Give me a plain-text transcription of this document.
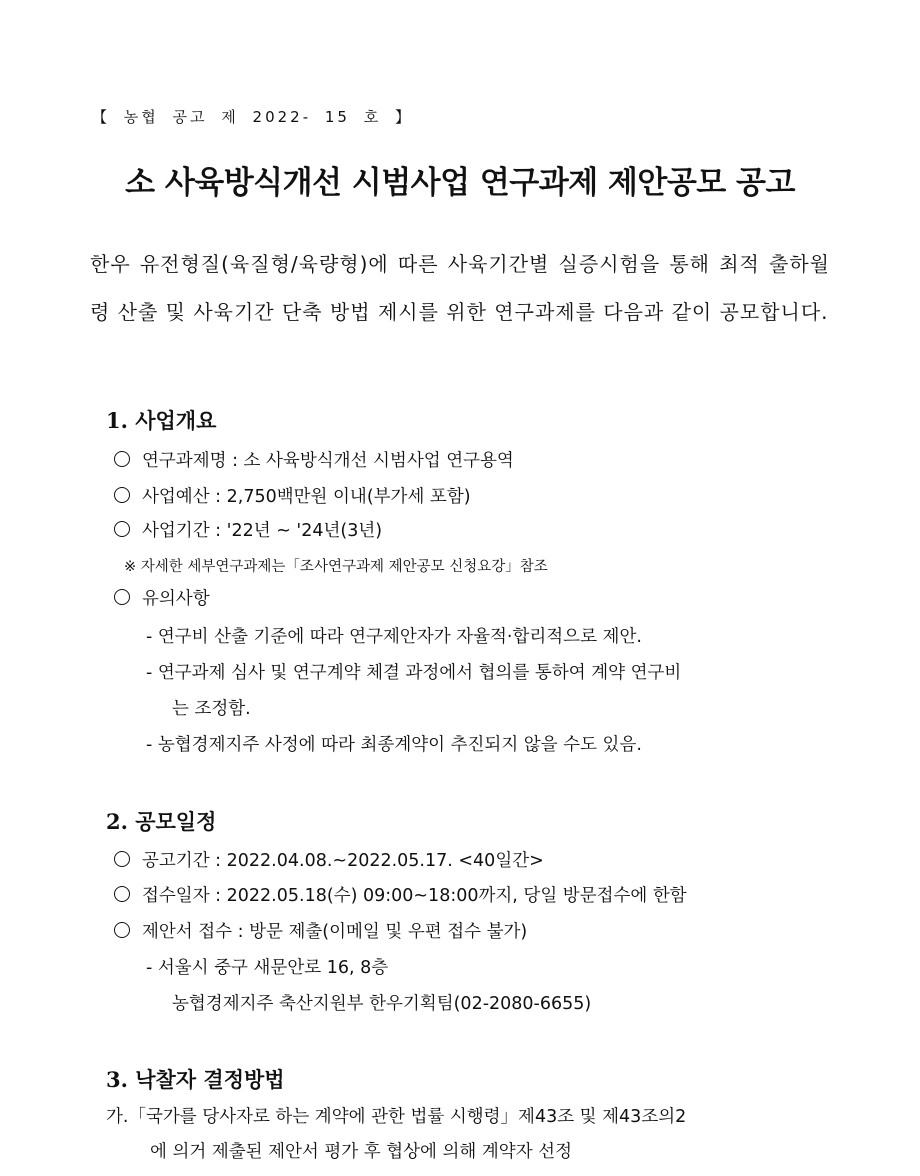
【 농협 공고 제 2022- 15 호 】
소 사육방식개선 시범사업 연구과제 제안공모 공고
한우 유전형질(육질형/육량형)에 따른 사육기간별 실증시험을 통해 최적 출하월령 산출 및 사육기간 단축 방법 제시를 위한 연구과제를 다음과 같이 공모합니다.
1. 사업개요
연구과제명 : 소 사육방식개선 시범사업 연구용역
사업예산 : 2,750백만원 이내(부가세 포함)
사업기간 : '22년 ~ '24년(3년)
※ 자세한 세부연구과제는「조사연구과제 제안공모 신청요강」참조
유의사항
- 연구비 산출 기준에 따라 연구제안자가 자율적·합리적으로 제안.
- 연구과제 심사 및 연구계약 체결 과정에서 협의를 통하여 계약 연구비
는 조정함.
- 농협경제지주 사정에 따라 최종계약이 추진되지 않을 수도 있음.
2. 공모일정
공고기간 : 2022.04.08.~2022.05.17. <40일간>
접수일자 : 2022.05.18(수) 09:00~18:00까지, 당일 방문접수에 한함
제안서 접수 : 방문 제출(이메일 및 우편 접수 불가)
- 서울시 중구 새문안로 16, 8층
농협경제지주 축산지원부 한우기획팀(02-2080-6655)
3. 낙찰자 결정방법
가.「국가를 당사자로 하는 계약에 관한 법률 시행령」제43조 및 제43조의2
에 의거 제출된 제안서 평가 후 협상에 의해 계약자 선정
